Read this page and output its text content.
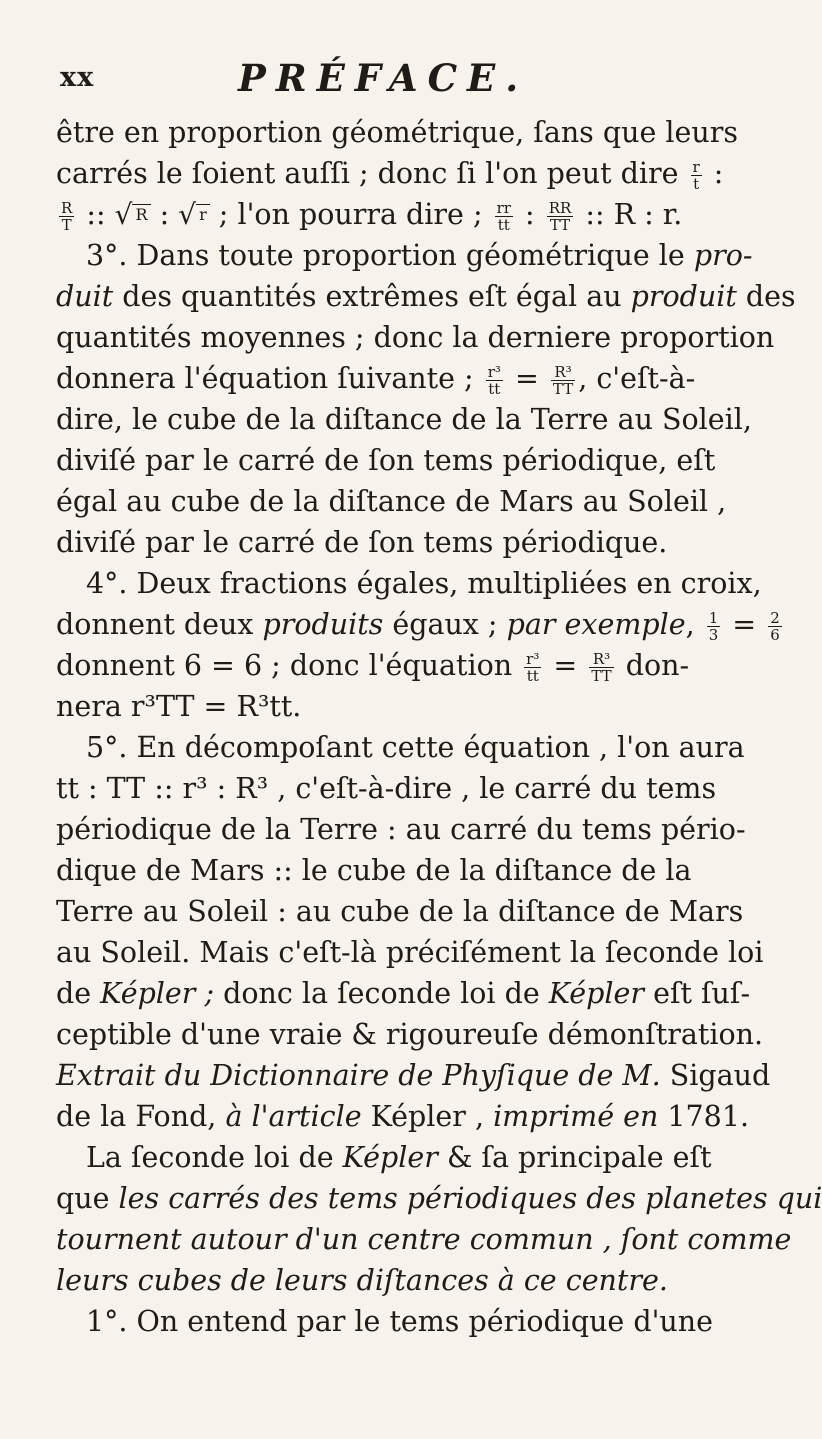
xx	PRÉFACE.
être en proportion géométrique, ſans que leurs
carrés le ſoient auſſi ; donc ſi l'on peut dire $\frac{r}{t}$ :
$\frac{R}{T}$ :: √ $^R$ : √ $^r$ ; l'on pourra dire ; $\frac{rr}{tt}$ : $\frac{RR}{TT}$ :: R : r.
3°. Dans toute proportion géométrique le pro-
duit des quantités extrêmes eſt égal au produit des
quantités moyennes ; donc la derniere proportion
donnera l'équation ſuivante ; $\frac{\text{r³}}{tt} = \frac{\text{R³}}{TT}$ , c'eſt-à-
dire, le cube de la diſtance de la Terre au Soleil,
diviſé par le carré de ſon tems périodique, eſt
égal au cube de la diſtance de Mars au Soleil ,
diviſé par le carré de ſon tems périodique.
4°. Deux fractions égales, multipliées en croix,
donnent deux produits égaux ; par exemple, $\frac{1}{3} = \frac{2}{6}$
donnent 6 = 6 ; donc l'équation $\frac{\text{r³}}{tt} = \frac{\text{R³}}{TT} don-$
nera r³TT = R³tt.
5°. En décompoſant cette équation , l'on aura
tt : TT :: r³ : R³ , c'eſt-à-dire , le carré du tems
périodique de la Terre : au carré du tems pério-
dique de Mars :: le cube de la diſtance de la
Terre au Soleil : au cube de la diſtance de Mars
au Soleil. Mais c'eſt-là préciſément la ſeconde loi
de Képler ; donc la ſeconde loi de Képler eſt ſuſ-
ceptible d'une vraie & rigoureuſe démonſtration.
Extrait du Dictionnaire de Phyſique de M. Sigaud
de la Fond, à l'article Képler , imprimé en 1781.
La ſeconde loi de Képler & ſa principale eſt
que les carrés des tems périodiques des planetes qui
tournent autour d'un centre commun , ſont comme
leurs cubes de leurs diſtances à ce centre.
1°. On entend par le tems périodique d'une
